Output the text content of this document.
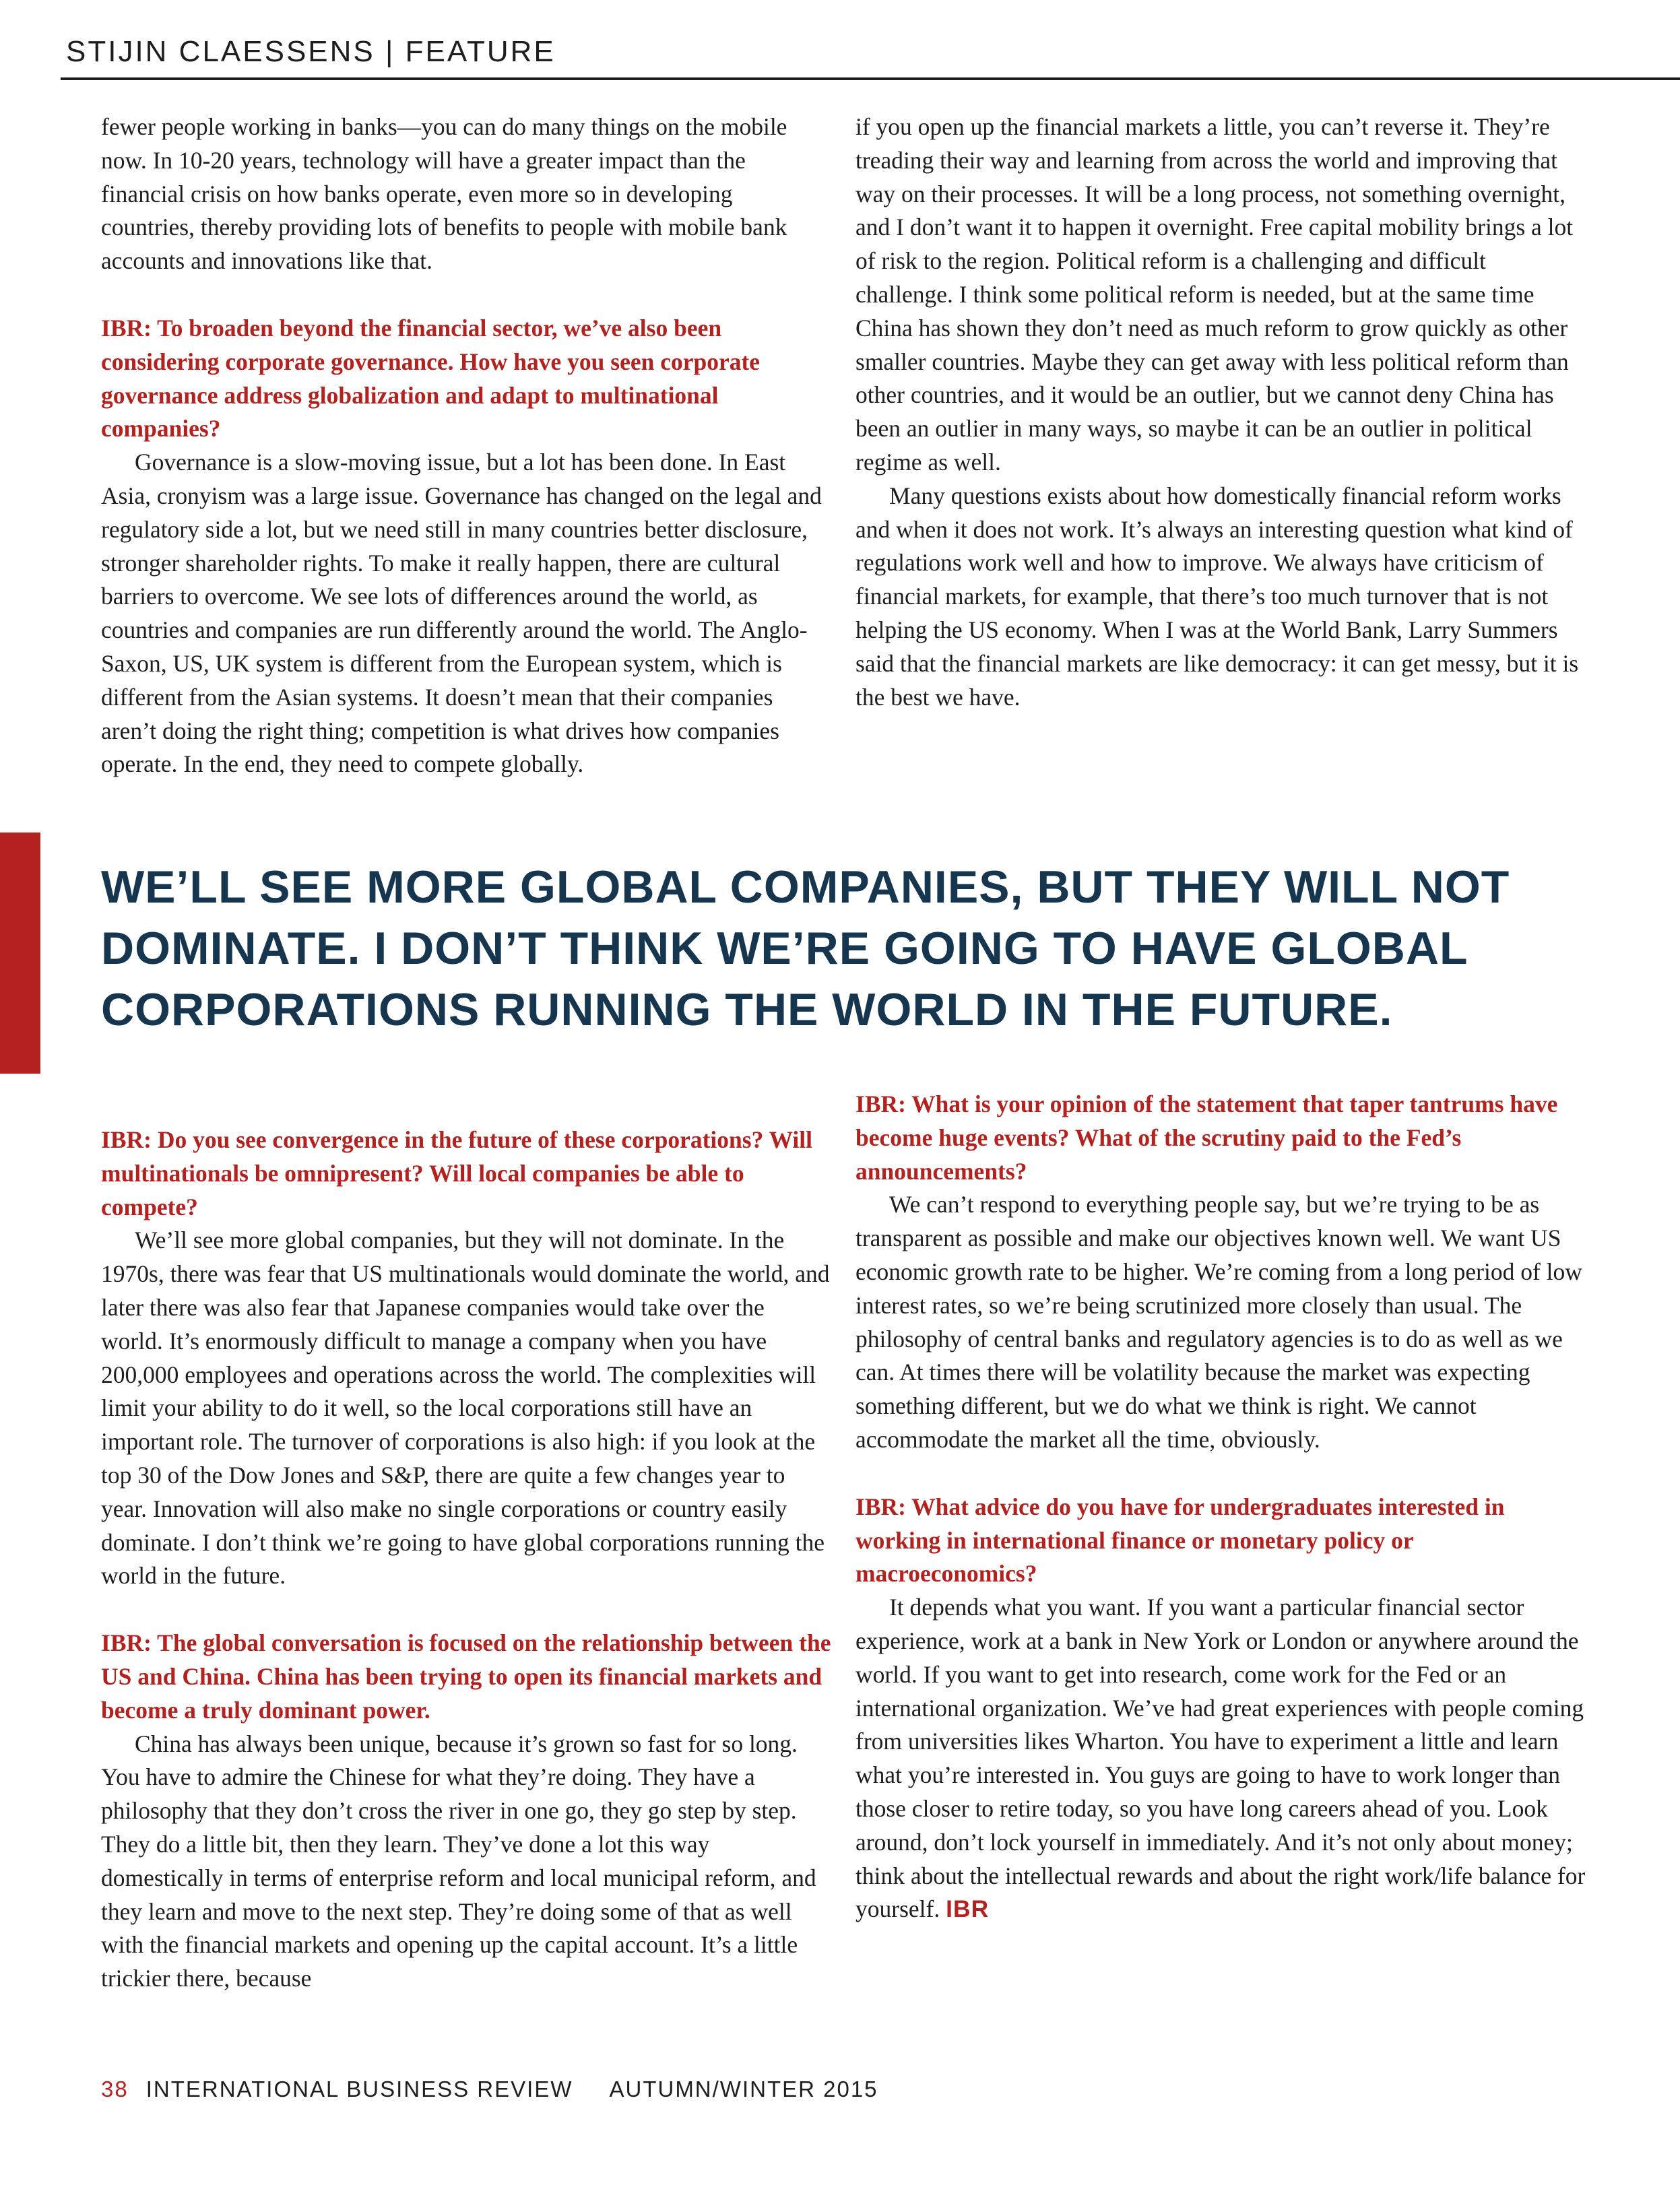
STIJIN CLAESSENS | FEATURE

fewer people working in banks—you can do many things on the mobile now. In 10-20 years, technology will have a greater impact than the financial crisis on how banks operate, even more so in developing countries, thereby providing lots of benefits to people with mobile bank accounts and innovations like that.

IBR: To broaden beyond the financial sector, we’ve also been considering corporate governance. How have you seen corporate governance address globalization and adapt to multinational companies?

Governance is a slow-moving issue, but a lot has been done. In East Asia, cronyism was a large issue. Governance has changed on the legal and regulatory side a lot, but we need still in many countries better disclosure, stronger shareholder rights. To make it really happen, there are cultural barriers to overcome. We see lots of differences around the world, as countries and companies are run differently around the world. The Anglo-Saxon, US, UK system is different from the European system, which is different from the Asian systems. It doesn’t mean that their companies aren’t doing the right thing; competition is what drives how companies operate. In the end, they need to compete globally.

if you open up the financial markets a little, you can’t reverse it. They’re treading their way and learning from across the world and improving that way on their processes. It will be a long process, not something overnight, and I don’t want it to happen it overnight. Free capital mobility brings a lot of risk to the region. Political reform is a challenging and difficult challenge. I think some political reform is needed, but at the same time China has shown they don’t need as much reform to grow quickly as other smaller countries. Maybe they can get away with less political reform than other countries, and it would be an outlier, but we cannot deny China has been an outlier in many ways, so maybe it can be an outlier in political regime as well.

Many questions exists about how domestically financial reform works and when it does not work. It’s always an interesting question what kind of regulations work well and how to improve. We always have criticism of financial markets, for example, that there’s too much turnover that is not helping the US economy. When I was at the World Bank, Larry Summers said that the financial markets are like democracy: it can get messy, but it is the best we have.

WE’LL SEE MORE GLOBAL COMPANIES, BUT THEY WILL NOT DOMINATE. I DON’T THINK WE’RE GOING TO HAVE GLOBAL CORPORATIONS RUNNING THE WORLD IN THE FUTURE.

IBR: Do you see convergence in the future of these corporations? Will multinationals be omnipresent? Will local companies be able to compete?

We’ll see more global companies, but they will not dominate. In the 1970s, there was fear that US multinationals would dominate the world, and later there was also fear that Japanese companies would take over the world. It’s enormously difficult to manage a company when you have 200,000 employees and operations across the world. The complexities will limit your ability to do it well, so the local corporations still have an important role. The turnover of corporations is also high: if you look at the top 30 of the Dow Jones and S&P, there are quite a few changes year to year. Innovation will also make no single corporations or country easily dominate. I don’t think we’re going to have global corporations running the world in the future.

IBR: The global conversation is focused on the relationship between the US and China. China has been trying to open its financial markets and become a truly dominant power.

China has always been unique, because it’s grown so fast for so long. You have to admire the Chinese for what they’re doing. They have a philosophy that they don’t cross the river in one go, they go step by step. They do a little bit, then they learn. They’ve done a lot this way domestically in terms of enterprise reform and local municipal reform, and they learn and move to the next step. They’re doing some of that as well with the financial markets and opening up the capital account. It’s a little trickier there, because

IBR: What is your opinion of the statement that taper tantrums have become huge events? What of the scrutiny paid to the Fed’s announcements?

We can’t respond to everything people say, but we’re trying to be as transparent as possible and make our objectives known well. We want US economic growth rate to be higher. We’re coming from a long period of low interest rates, so we’re being scrutinized more closely than usual. The philosophy of central banks and regulatory agencies is to do as well as we can. At times there will be volatility because the market was expecting something different, but we do what we think is right. We cannot accommodate the market all the time, obviously.

IBR: What advice do you have for undergraduates interested in working in international finance or monetary policy or macroeconomics?

It depends what you want. If you want a particular financial sector experience, work at a bank in New York or London or anywhere around the world. If you want to get into research, come work for the Fed or an international organization. We’ve had great experiences with people coming from universities likes Wharton. You have to experiment a little and learn what you’re interested in. You guys are going to have to work longer than those closer to retire today, so you have long careers ahead of you. Look around, don’t lock yourself in immediately. And it’s not only about money; think about the intellectual rewards and about the right work/life balance for yourself. IBR

38 INTERNATIONAL BUSINESS REVIEW AUTUMN/WINTER 2015
